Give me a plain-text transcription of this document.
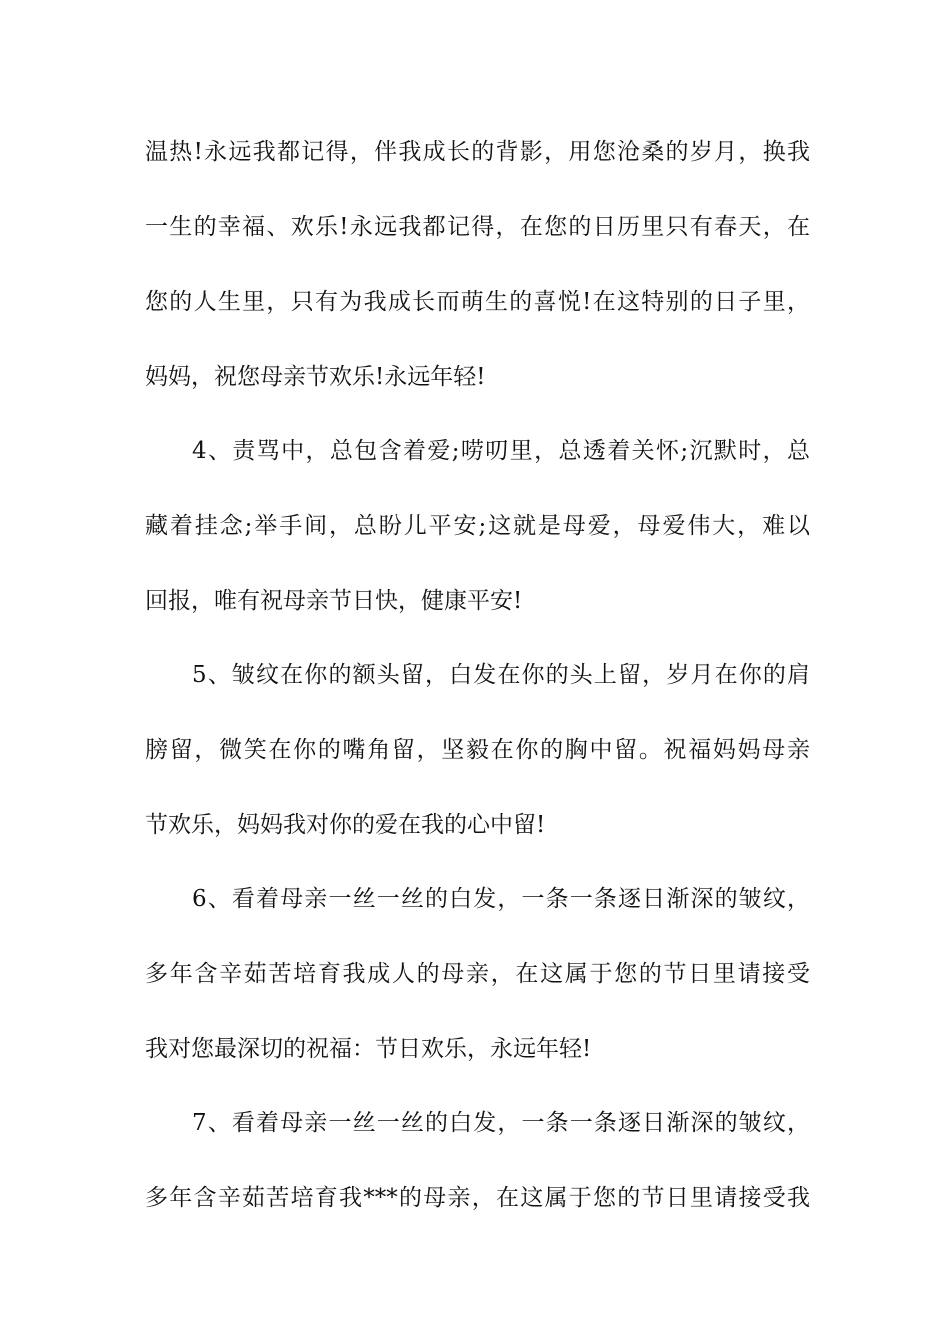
温热!永远我都记得，伴我成长的背影，用您沧桑的岁月，换我
一生的幸福、欢乐!永远我都记得，在您的日历里只有春天，在
您的人生里，只有为我成长而萌生的喜悦!在这特别的日子里，
妈妈，祝您母亲节欢乐!永远年轻!
4、责骂中，总包含着爱;唠叨里，总透着关怀;沉默时，总
藏着挂念;举手间，总盼儿平安;这就是母爱，母爱伟大，难以
回报，唯有祝母亲节日快，健康平安!
5、皱纹在你的额头留，白发在你的头上留，岁月在你的肩
膀留，微笑在你的嘴角留，坚毅在你的胸中留。祝福妈妈母亲
节欢乐，妈妈我对你的爱在我的心中留!
6、看着母亲一丝一丝的白发，一条一条逐日渐深的皱纹，
多年含辛茹苦培育我成人的母亲，在这属于您的节日里请接受
我对您最深切的祝福：节日欢乐，永远年轻!
7、看着母亲一丝一丝的白发，一条一条逐日渐深的皱纹，
多年含辛茹苦培育我***的母亲，在这属于您的节日里请接受我
